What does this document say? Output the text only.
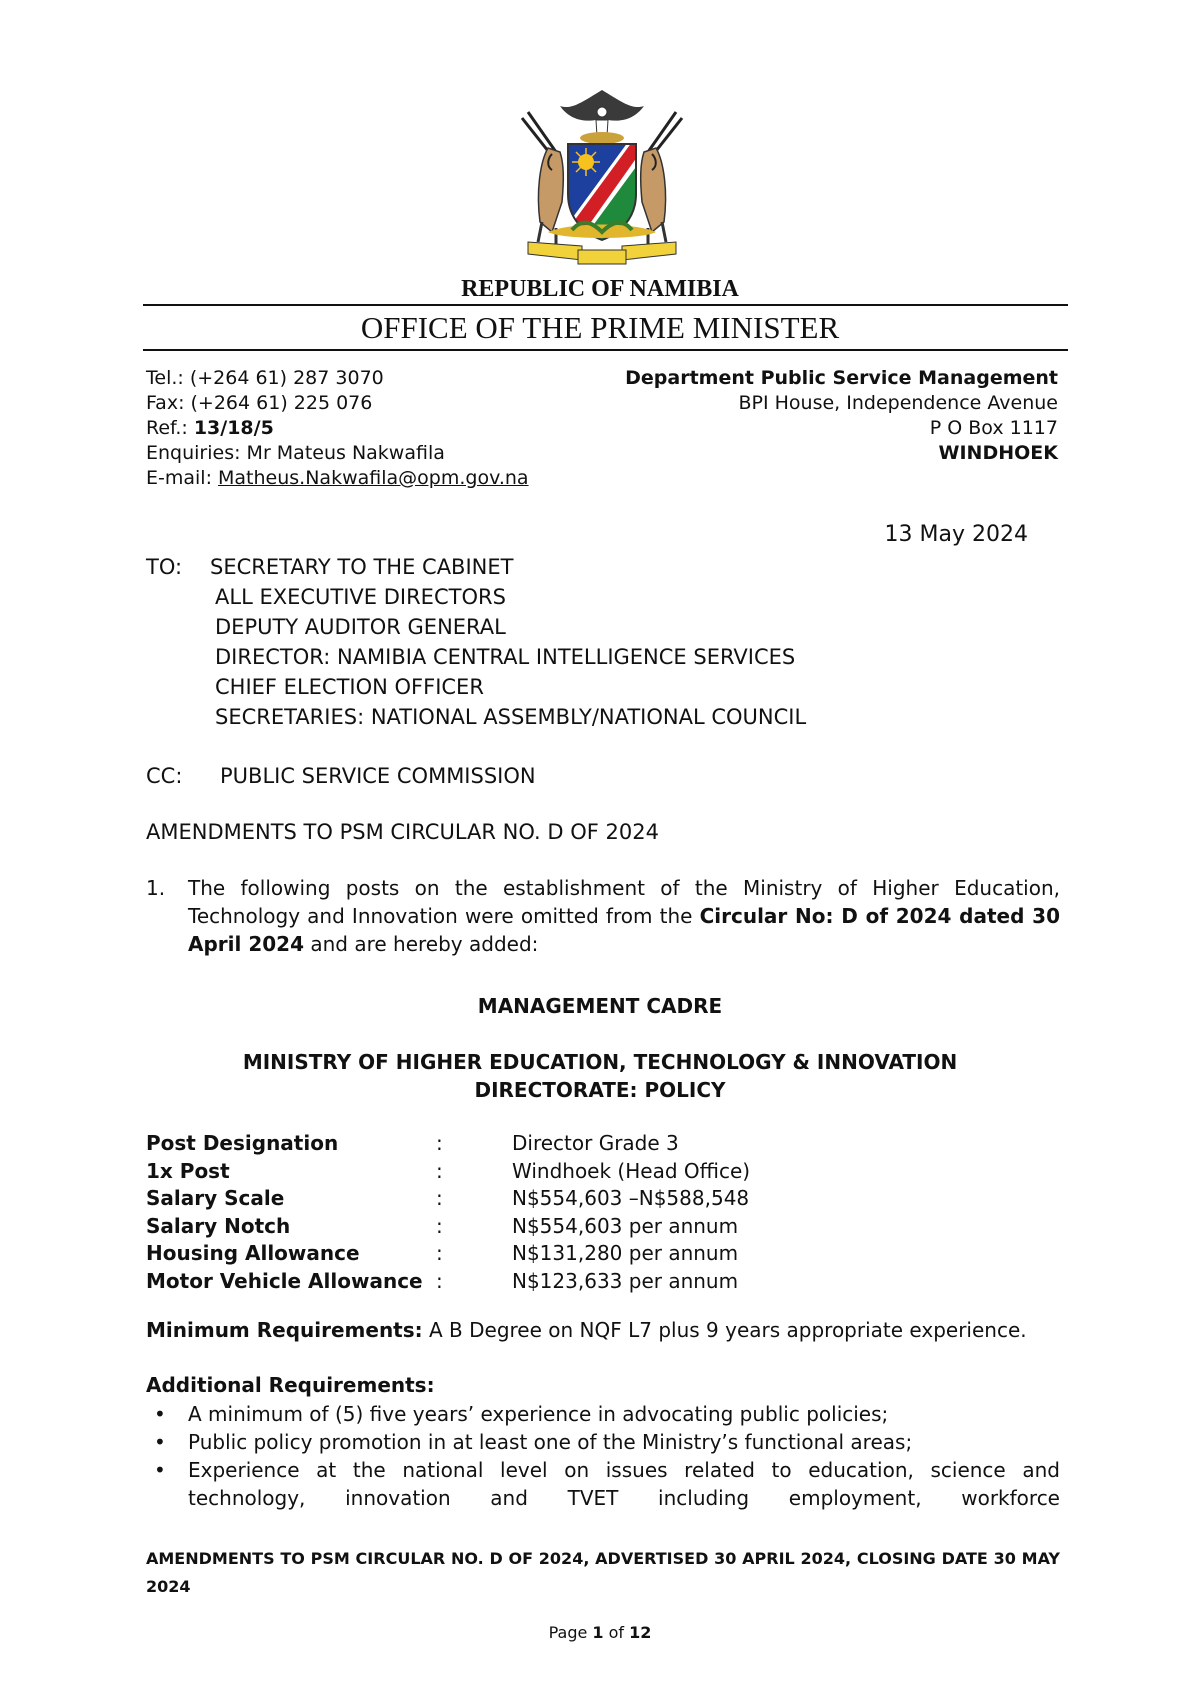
REPUBLIC OF NAMIBIA
OFFICE OF THE PRIME MINISTER
Tel.: (+264 61) 287 3070
Fax: (+264 61) 225 076
Ref.: 13/18/5
Enquiries: Mr Mateus Nakwafila
E-mail: Matheus.Nakwafila@opm.gov.na
Department Public Service Management
BPI House, Independence Avenue
P O Box 1117
WINDHOEK
13 May 2024
TO: SECRETARY TO THE CABINET
ALL EXECUTIVE DIRECTORS
DEPUTY AUDITOR GENERAL
DIRECTOR: NAMIBIA CENTRAL INTELLIGENCE SERVICES
CHIEF ELECTION OFFICER
SECRETARIES: NATIONAL ASSEMBLY/NATIONAL COUNCIL
CC: PUBLIC SERVICE COMMISSION
AMENDMENTS TO PSM CIRCULAR NO. D OF 2024
1. The following posts on the establishment of the Ministry of Higher Education, Technology and Innovation were omitted from the Circular No: D of 2024 dated 30 April 2024 and are hereby added:
MANAGEMENT CADRE
MINISTRY OF HIGHER EDUCATION, TECHNOLOGY & INNOVATION
DIRECTORATE: POLICY
Post Designation	:	Director Grade 3
1x Post	:	Windhoek (Head Office)
Salary Scale	:	N$554,603 –N$588,548
Salary Notch	:	N$554,603 per annum
Housing Allowance	:	N$131,280 per annum
Motor Vehicle Allowance	:	N$123,633 per annum
Minimum Requirements: A B Degree on NQF L7 plus 9 years appropriate experience.
Additional Requirements:
• A minimum of (5) five years’ experience in advocating public policies;
• Public policy promotion in at least one of the Ministry’s functional areas;
• Experience at the national level on issues related to education, science and technology, innovation and TVET including employment, workforce
AMENDMENTS TO PSM CIRCULAR NO. D OF 2024, ADVERTISED 30 APRIL 2024, CLOSING DATE 30 MAY 2024
Page 1 of 12
